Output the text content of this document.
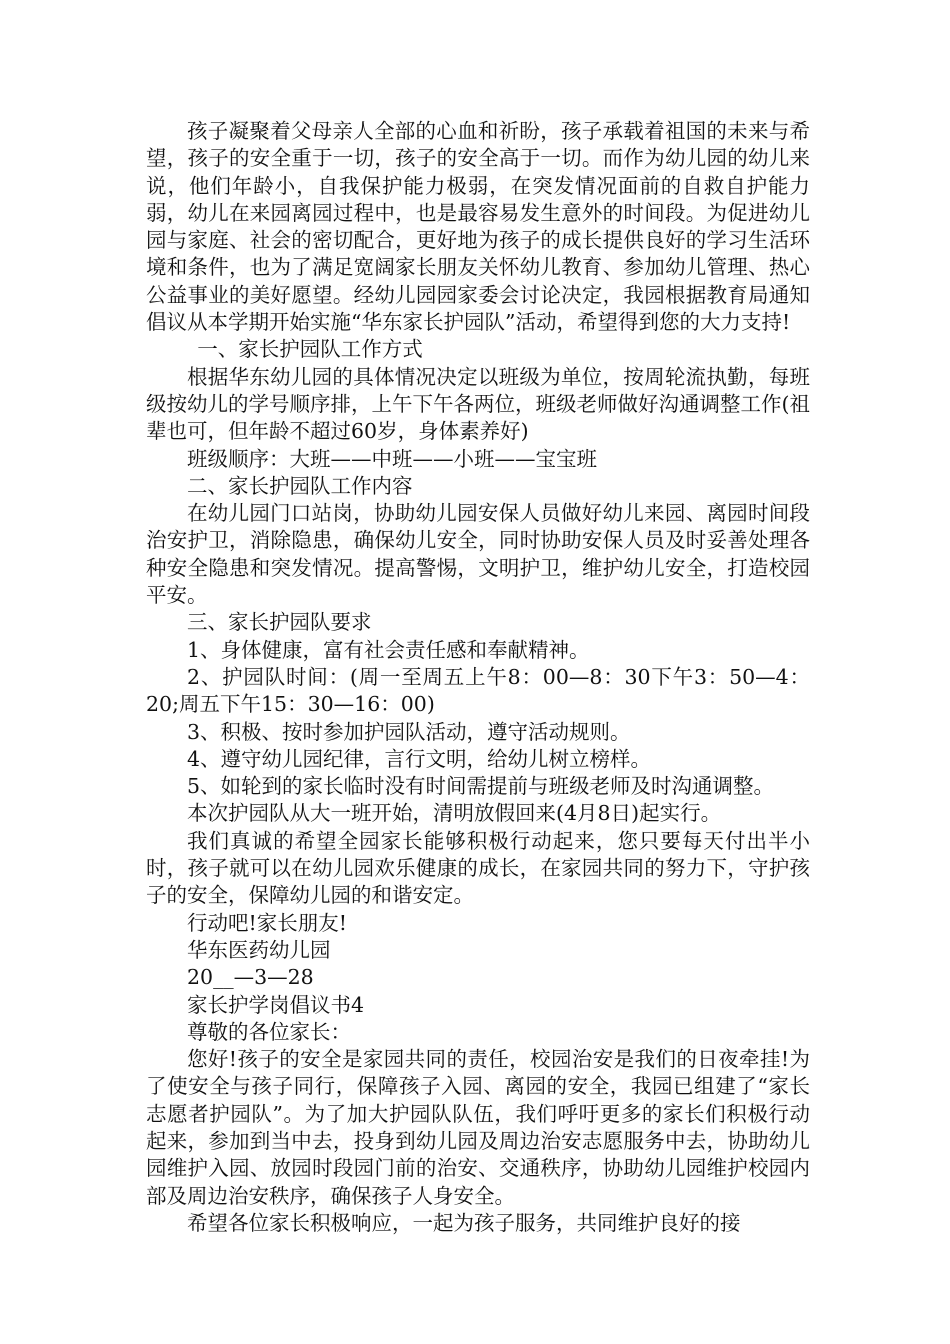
孩子凝聚着父母亲人全部的心血和祈盼，孩子承载着祖国的未来与希望，孩子的安全重于一切，孩子的安全高于一切。而作为幼儿园的幼儿来说，他们年龄小，自我保护能力极弱，在突发情况面前的自救自护能力弱，幼儿在来园离园过程中，也是最容易发生意外的时间段。为促进幼儿园与家庭、社会的密切配合，更好地为孩子的成长提供良好的学习生活环境和条件，也为了满足宽阔家长朋友关怀幼儿教育、参加幼儿管理、热心公益事业的美好愿望。经幼儿园园家委会讨论决定，我园根据教育局通知倡议从本学期开始实施“华东家长护园队”活动，希望得到您的大力支持!

一、家长护园队工作方式

根据华东幼儿园的具体情况决定以班级为单位，按周轮流执勤，每班级按幼儿的学号顺序排，上午下午各两位，班级老师做好沟通调整工作(祖辈也可，但年龄不超过60岁，身体素养好)

班级顺序：大班——中班——小班——宝宝班

二、家长护园队工作内容

在幼儿园门口站岗，协助幼儿园安保人员做好幼儿来园、离园时间段治安护卫，消除隐患，确保幼儿安全，同时协助安保人员及时妥善处理各种安全隐患和突发情况。提高警惕，文明护卫，维护幼儿安全，打造校园平安。

三、家长护园队要求

1、身体健康，富有社会责任感和奉献精神。

2、护园队时间：(周一至周五上午8：00—8：30下午3：50—4：20;周五下午15：30—16：00)

3、积极、按时参加护园队活动，遵守活动规则。

4、遵守幼儿园纪律，言行文明，给幼儿树立榜样。

5、如轮到的家长临时没有时间需提前与班级老师及时沟通调整。

本次护园队从大一班开始，清明放假回来(4月8日)起实行。

我们真诚的希望全园家长能够积极行动起来，您只要每天付出半小时，孩子就可以在幼儿园欢乐健康的成长，在家园共同的努力下，守护孩子的安全，保障幼儿园的和谐安定。

行动吧!家长朋友!

华东医药幼儿园

20__—3—28

家长护学岗倡议书4

尊敬的各位家长：

您好!孩子的安全是家园共同的责任，校园治安是我们的日夜牵挂!为了使安全与孩子同行，保障孩子入园、离园的安全，我园已组建了“家长志愿者护园队”。为了加大护园队队伍，我们呼吁更多的家长们积极行动起来，参加到当中去，投身到幼儿园及周边治安志愿服务中去，协助幼儿园维护入园、放园时段园门前的治安、交通秩序，协助幼儿园维护校园内部及周边治安秩序，确保孩子人身安全。

希望各位家长积极响应，一起为孩子服务，共同维护良好的接
